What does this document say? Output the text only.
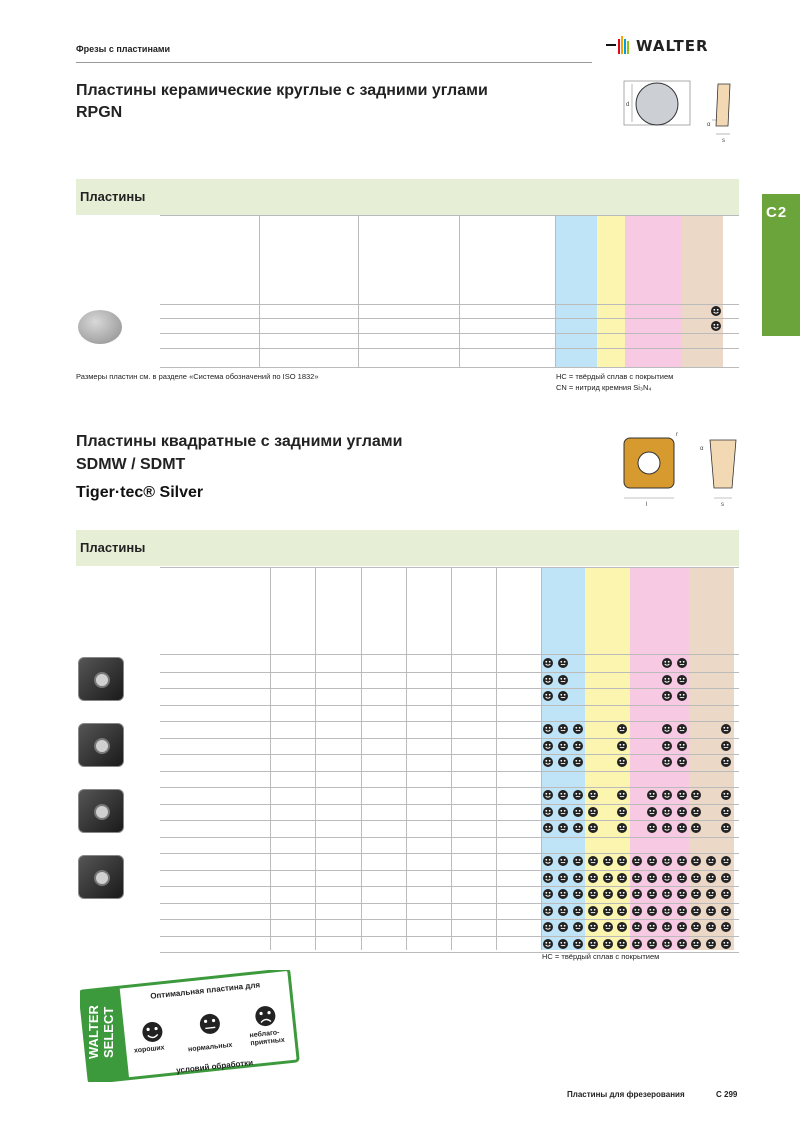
Фрезы с пластинами	WALTER
C2
Пластины керамические круглые с задними углами
RPGN	d
α
s
Пластины
Размеры пластин см. в разделе «Система обозначений по ISO 1832»	HC = твёрдый сплав с покрытием
CN = нитрид кремния Si₃N₄
Пластины квадратные с задними углами
SDMW / SDMT
Tiger·tec® Silver
l
r
α
s
Пластины
HC = твёрдый сплав с покрытием
WALTER
SELECT
Оптимальная пластина для
хороших	нормальных
неблаго-приятных
условий обработки
Пластины для фрезерования	C 299
